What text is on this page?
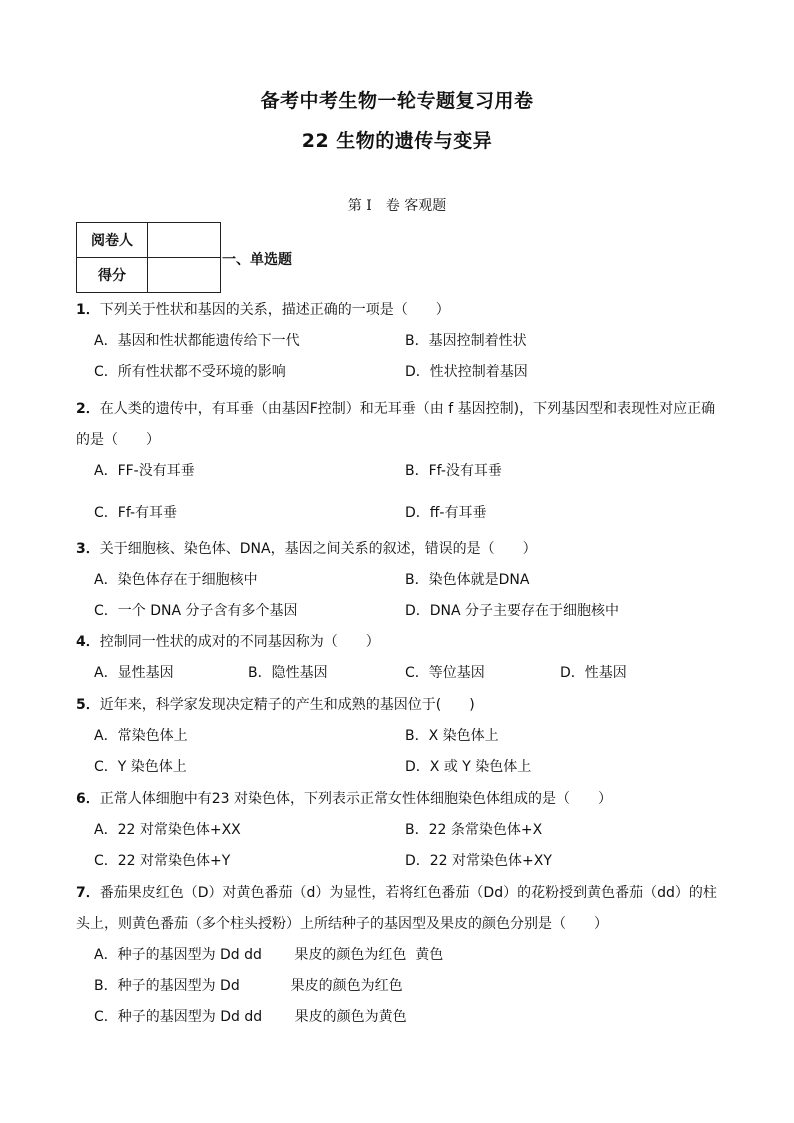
备考中考生物一轮专题复习用卷
22 生物的遗传与变异
第 I　卷 客观题
阅卷人	
得分	
一、单选题
1．下列关于性状和基因的关系，描述正确的一项是（　　）
A．基因和性状都能遗传给下一代	B．基因控制着性状
C．所有性状都不受环境的影响	D．性状控制着基因
2．在人类的遗传中，有耳垂（由基因F控制）和无耳垂（由 f 基因控制)，下列基因型和表现性对应正确的是（　　）
A．FF-没有耳垂	B．Ff-没有耳垂
C．Ff-有耳垂	D．ff-有耳垂
3．关于细胞核、染色体、DNA，基因之间关系的叙述，错误的是（　　）
A．染色体存在于细胞核中	B．染色体就是DNA
C．一个 DNA 分子含有多个基因	D．DNA 分子主要存在于细胞核中
4．控制同一性状的成对的不同基因称为（　　）
A．显性基因	B．隐性基因	C．等位基因	D．性基因
5．近年来，科学家发现决定精子的产生和成熟的基因位于(　　)
A．常染色体上	B．X 染色体上
C．Y 染色体上	D．X 或 Y 染色体上
6．正常人体细胞中有23 对染色体，下列表示正常女性体细胞染色体组成的是（　　）
A．22 对常染色体+XX	B．22 条常染色体+X
C．22 对常染色体+Y	D．22 对常染色体+XY
7．番茄果皮红色（D）对黄色番茄（d）为显性，若将红色番茄（Dd）的花粉授到黄色番茄（dd）的柱头上，则黄色番茄（多个柱头授粉）上所结种子的基因型及果皮的颜色分别是（　　）
A．种子的基因型为 Dd dd　　 果皮的颜色为红色  黄色
B．种子的基因型为 Dd　　　  果皮的颜色为红色
C．种子的基因型为 Dd dd　　 果皮的颜色为黄色
